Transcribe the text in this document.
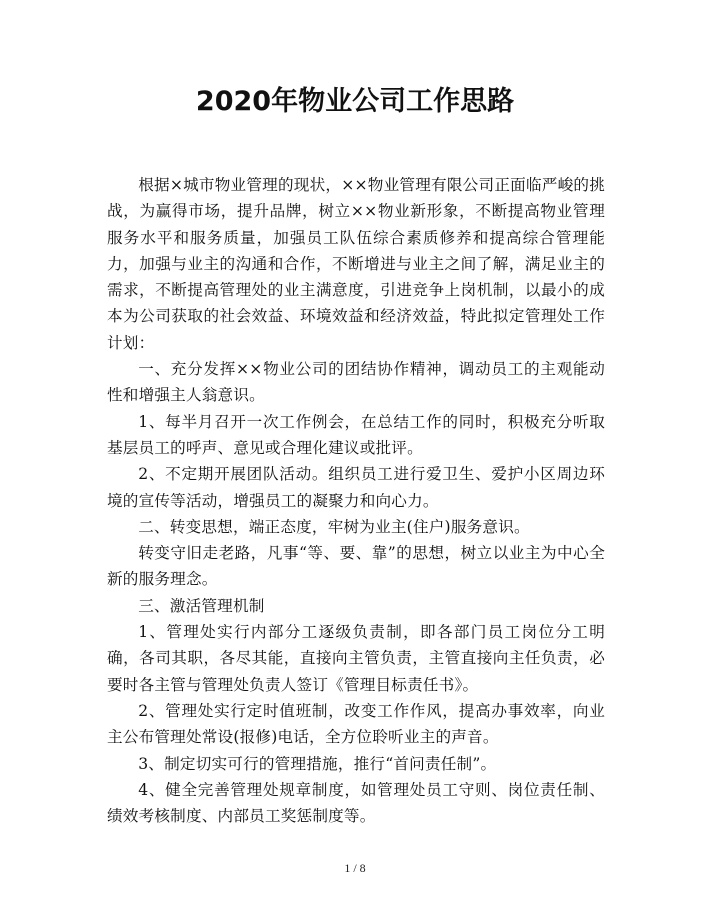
2020年物业公司工作思路

根据×城市物业管理的现状，××物业管理有限公司正面临严峻的挑战，为赢得市场，提升品牌，树立××物业新形象，不断提高物业管理服务水平和服务质量，加强员工队伍综合素质修养和提高综合管理能力，加强与业主的沟通和合作，不断增进与业主之间了解，满足业主的需求，不断提高管理处的业主满意度，引进竞争上岗机制，以最小的成本为公司获取的社会效益、环境效益和经济效益，特此拟定管理处工作计划：

一、充分发挥××物业公司的团结协作精神，调动员工的主观能动性和增强主人翁意识。

1、每半月召开一次工作例会，在总结工作的同时，积极充分听取基层员工的呼声、意见或合理化建议或批评。

2、不定期开展团队活动。组织员工进行爱卫生、爱护小区周边环境的宣传等活动，增强员工的凝聚力和向心力。

二、转变思想，端正态度，牢树为业主(住户)服务意识。

转变守旧走老路，凡事“等、要、靠”的思想，树立以业主为中心全新的服务理念。

三、激活管理机制

1、管理处实行内部分工逐级负责制，即各部门员工岗位分工明确，各司其职，各尽其能，直接向主管负责，主管直接向主任负责，必要时各主管与管理处负责人签订《管理目标责任书》。

2、管理处实行定时值班制，改变工作作风，提高办事效率，向业主公布管理处常设(报修)电话，全方位聆听业主的声音。

3、制定切实可行的管理措施，推行“首问责任制”。

4、健全完善管理处规章制度，如管理处员工守则、岗位责任制、绩效考核制度、内部员工奖惩制度等。

1 / 8
